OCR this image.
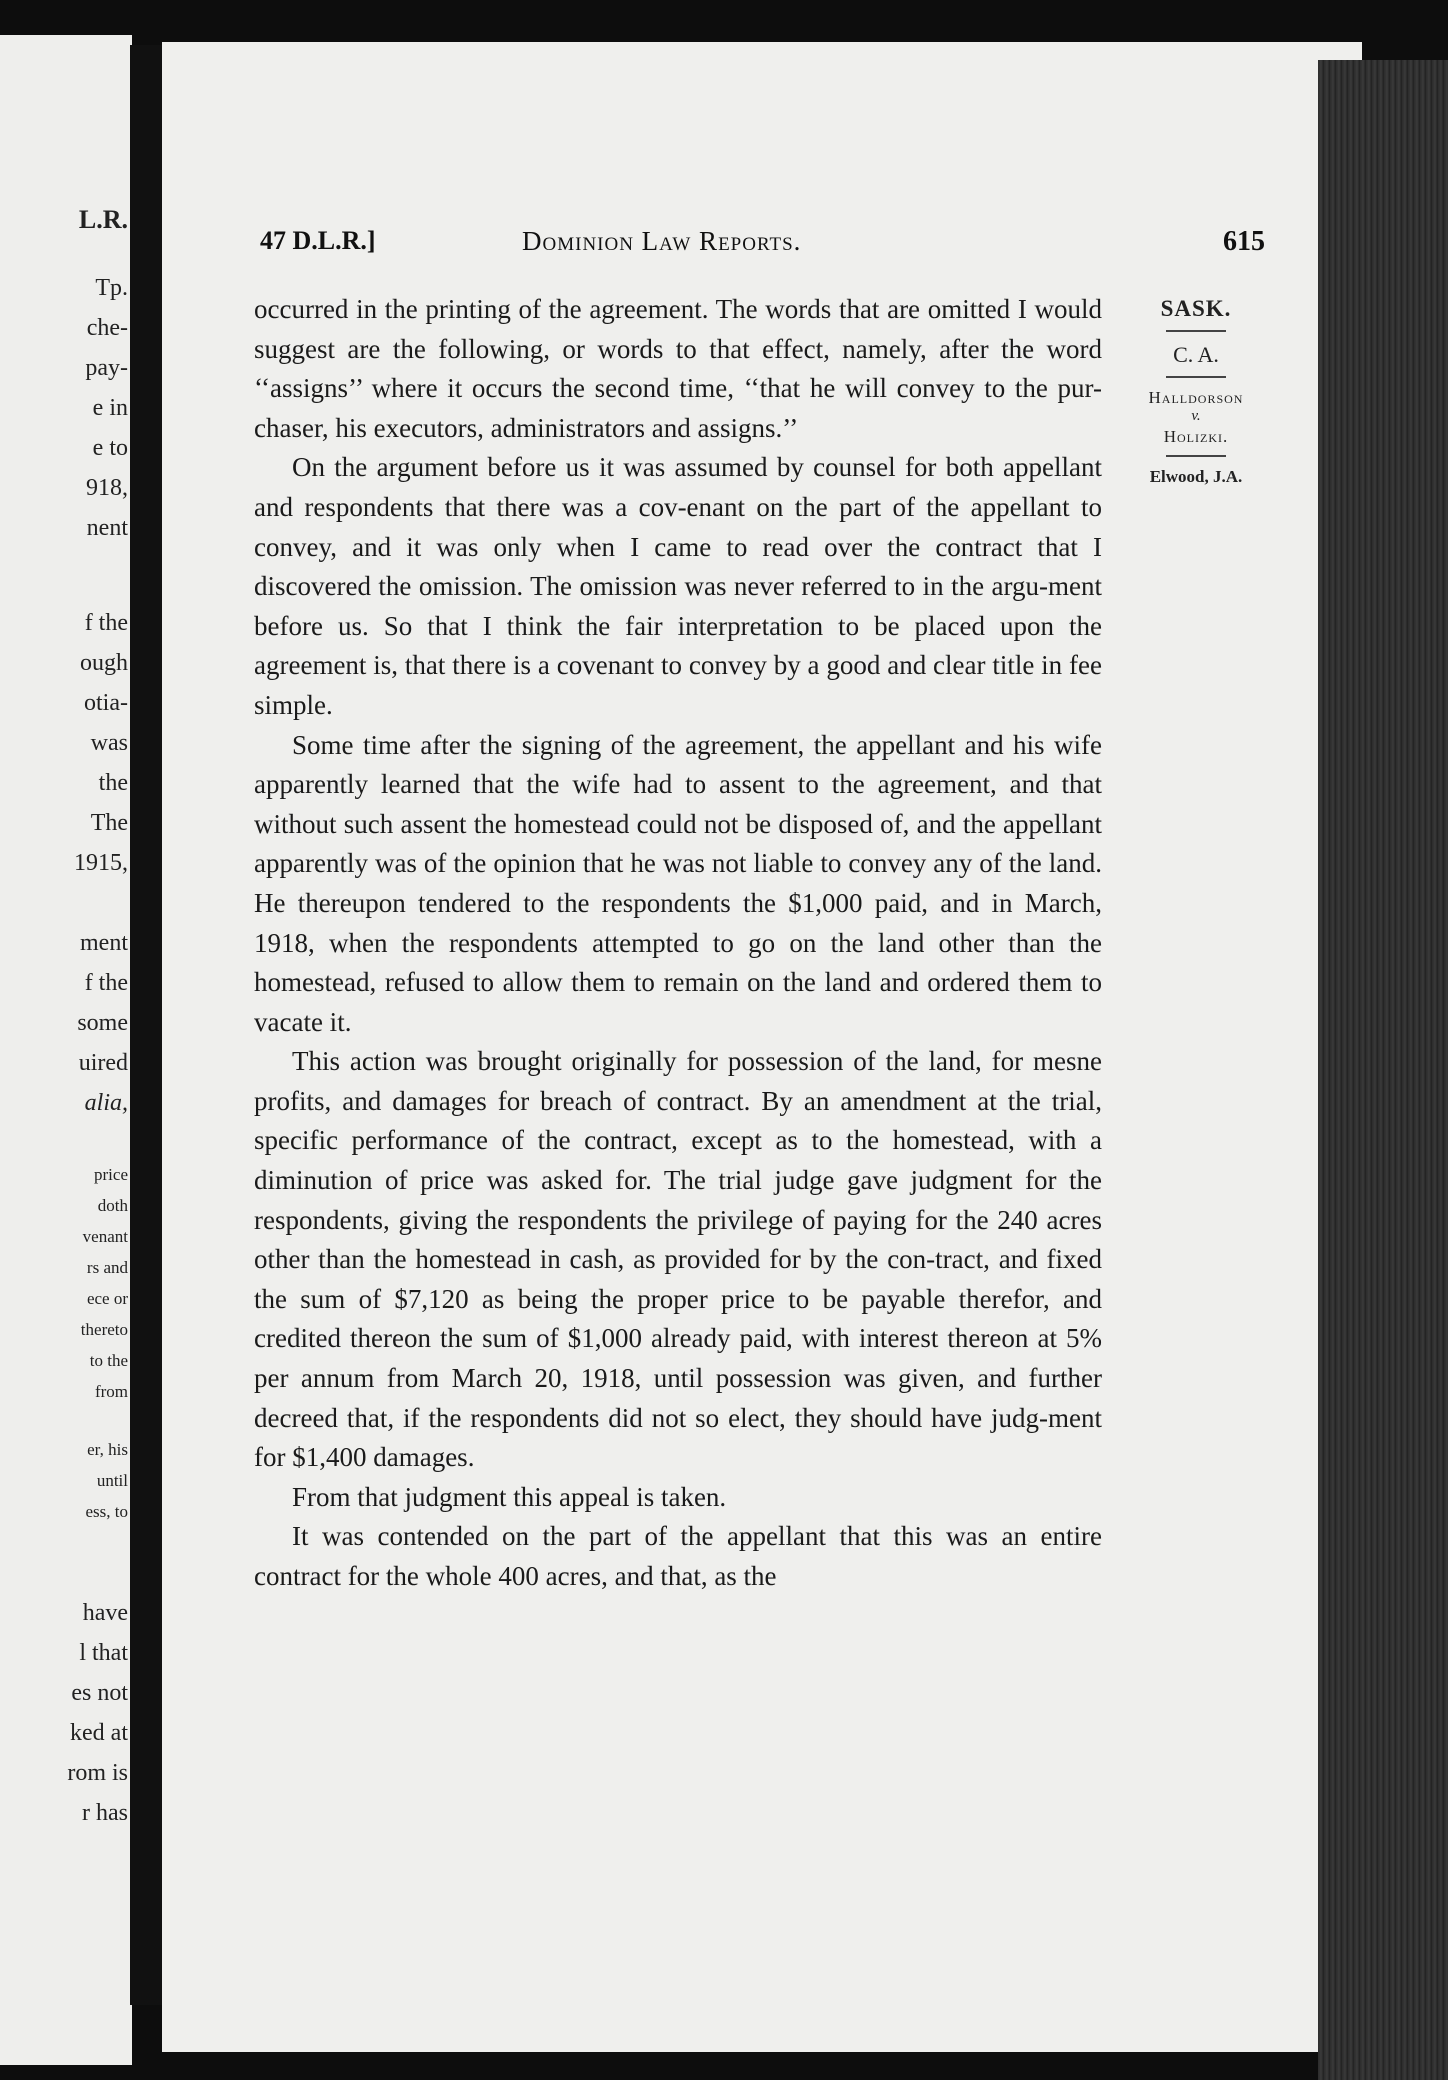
L.R.
Tp.
che-
pay-
e in
e to
918,
nent
f the
ough
otia-
was
the
The
1915,
ment
f the
some
uired
alia,
price
doth
venant
rs and
ece or
thereto
to the
from
er, his
until
ess, to
have
l that
es not
ked at
rom is
r has
47 D.L.R.]	Dominion Law Reports.	615
SASK.
C. A.
Halldorson
v.
Holizki.
Elwood, J.A.

occurred in the printing of the agreement. The words that are omitted I would suggest are the following, or words to that effect, namely, after the word ‘‘assigns’’ where it occurs the second time, ‘‘that he will convey to the pur-chaser, his executors, administrators and assigns.’’

On the argument before us it was assumed by counsel for both appellant and respondents that there was a cov-enant on the part of the appellant to convey, and it was only when I came to read over the contract that I discovered the omission. The omission was never referred to in the argu-ment before us. So that I think the fair interpretation to be placed upon the agreement is, that there is a covenant to convey by a good and clear title in fee simple.

Some time after the signing of the agreement, the appellant and his wife apparently learned that the wife had to assent to the agreement, and that without such assent the homestead could not be disposed of, and the appellant apparently was of the opinion that he was not liable to convey any of the land. He thereupon tendered to the respondents the $1,000 paid, and in March, 1918, when the respondents attempted to go on the land other than the homestead, refused to allow them to remain on the land and ordered them to vacate it.

This action was brought originally for possession of the land, for mesne profits, and damages for breach of contract. By an amendment at the trial, specific performance of the contract, except as to the homestead, with a diminution of price was asked for. The trial judge gave judgment for the respondents, giving the respondents the privilege of paying for the 240 acres other than the homestead in cash, as provided for by the con-tract, and fixed the sum of $7,120 as being the proper price to be payable therefor, and credited thereon the sum of $1,000 already paid, with interest thereon at 5% per annum from March 20, 1918, until possession was given, and further decreed that, if the respondents did not so elect, they should have judg-ment for $1,400 damages.

From that judgment this appeal is taken.

It was contended on the part of the appellant that this was an entire contract for the whole 400 acres, and that, as the
